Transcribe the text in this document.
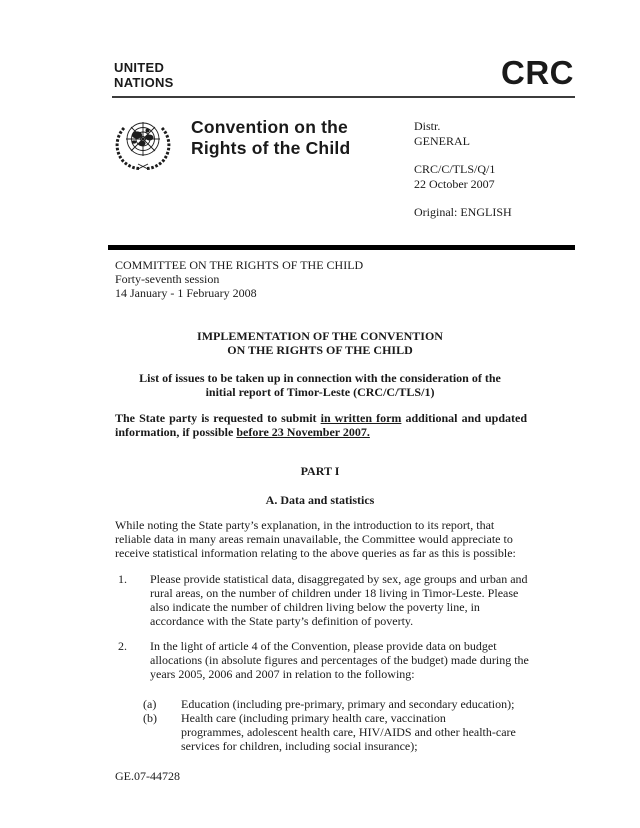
UNITED
NATIONS	CRC
Convention on the
Rights of the Child
Distr.
GENERAL
CRC/C/TLS/Q/1
22 October 2007
Original: ENGLISH
COMMITTEE ON THE RIGHTS OF THE CHILD
Forty-seventh session
14 January - 1 February 2008
IMPLEMENTATION OF THE CONVENTION
ON THE RIGHTS OF THE CHILD
List of issues to be taken up in connection with the consideration of the
initial report of Timor-Leste (CRC/C/TLS/1)
The State party is requested to submit in written form additional and updated
information, if possible before 23 November 2007.
PART I
A. Data and statistics
While noting the State party’s explanation, in the introduction to its report, that
reliable data in many areas remain unavailable, the Committee would appreciate to
receive statistical information relating to the above queries as far as this is possible:
1. Please provide statistical data, disaggregated by sex, age groups and urban and
rural areas, on the number of children under 18 living in Timor-Leste. Please
also indicate the number of children living below the poverty line, in
accordance with the State party’s definition of poverty.
2. In the light of article 4 of the Convention, please provide data on budget
allocations (in absolute figures and percentages of the budget) made during the
years 2005, 2006 and 2007 in relation to the following:
(a) Education (including pre-primary, primary and secondary education);
(b) Health care (including primary health care, vaccination
programmes, adolescent health care, HIV/AIDS and other health-care
services for children, including social insurance);
GE.07-44728
